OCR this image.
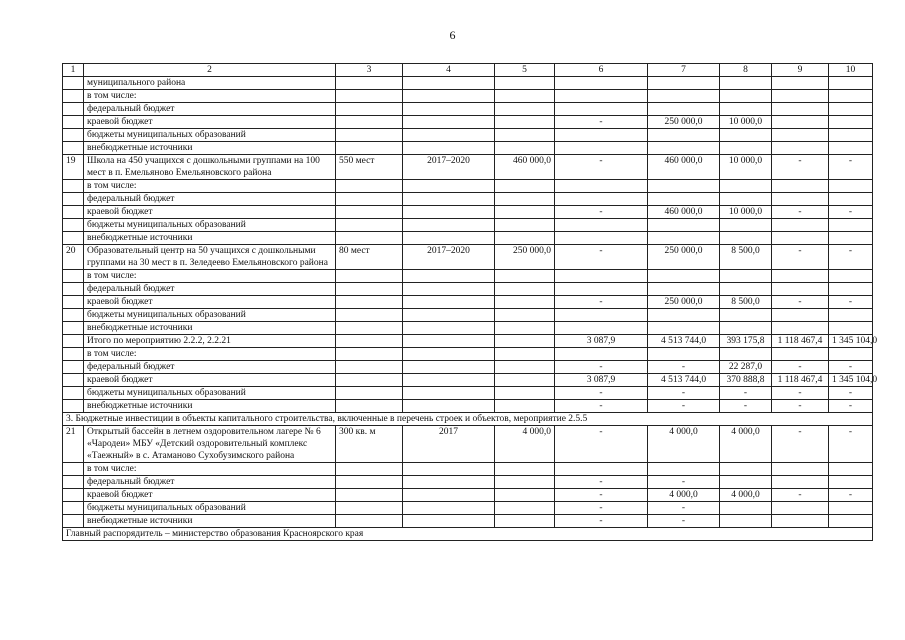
6
1	2	3	4	5	6	7	8	9	10
	муниципального района								
	в том числе:								
	федеральный бюджет								
	краевой бюджет				-	250 000,0	10 000,0		
	бюджеты муниципальных образований								
	внебюджетные источники								
19	Школа на 450 учащихся с дошкольными группами на 100 мест в п. Емельяново Емельяновского района	550 мест	2017–2020	460 000,0	-	460 000,0	10 000,0	-	-
	в том числе:								
	федеральный бюджет								
	краевой бюджет				-	460 000,0	10 000,0	-	-
	бюджеты муниципальных образований								
	внебюджетные источники								
20	Образовательный центр на 50 учащихся с дошкольными группами на 30 мест в п. Зеледеево Емельяновского района	80 мест	2017–2020	250 000,0	-	250 000,0	8 500,0	-	-
	в том числе:								
	федеральный бюджет								
	краевой бюджет				-	250 000,0	8 500,0	-	-
	бюджеты муниципальных образований								
	внебюджетные источники								
	Итого по мероприятию 2.2.2, 2.2.21				3 087,9	4 513 744,0	393 175,8	1 118 467,4	1 345 104,0
	в том числе:								
	федеральный бюджет				-	-	22 287,0	-	-
	краевой бюджет				3 087,9	4 513 744,0	370 888,8	1 118 467,4	1 345 104,0
	бюджеты муниципальных образований				-	-	-	-	-
	внебюджетные источники				-	-	-	-	-
3. Бюджетные инвестиции в объекты капитального строительства, включенные в перечень строек и объектов, мероприятие 2.5.5									
21	Открытый бассейн в летнем оздоровительном лагере № 6 «Чародеи» МБУ «Детский оздоровительный комплекс «Таежный» в с. Атаманово Сухобузимского района	300 кв. м	2017	4 000,0	-	4 000,0	4 000,0	-	-
	в том числе:								
	федеральный бюджет				-	-			
	краевой бюджет				-	4 000,0	4 000,0	-	-
	бюджеты муниципальных образований				-	-			
	внебюджетные источники				-	-			
Главный распорядитель – министерство образования Красноярского края									
